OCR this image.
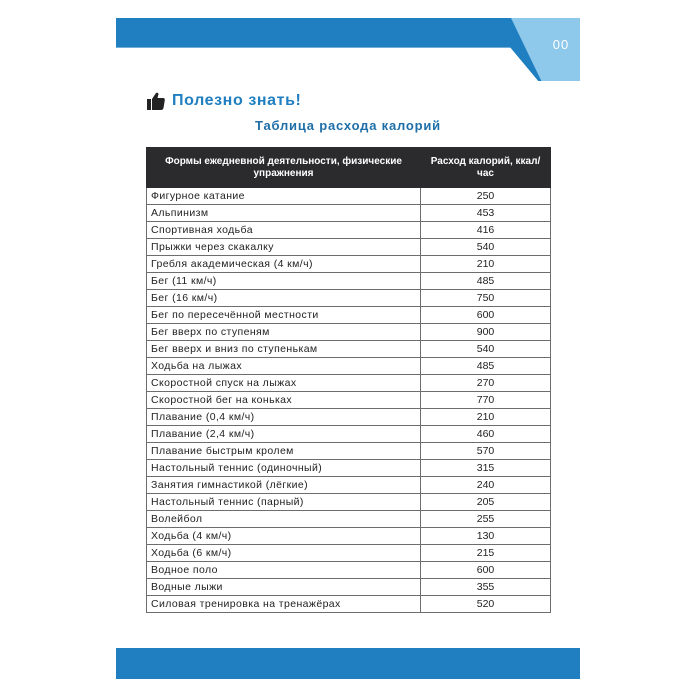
00
Полезно знать!
Таблица расхода калорий
Формы ежедневной деятельности, физические упражнения	Расход калорий, ккал/час
Фигурное катание	250
Альпинизм	453
Спортивная ходьба	416
Прыжки через скакалку	540
Гребля академическая (4 км/ч)	210
Бег (11 км/ч)	485
Бег (16 км/ч)	750
Бег по пересечённой местности	600
Бег вверх по ступеням	900
Бег вверх и вниз по ступенькам	540
Ходьба на лыжах	485
Скоростной спуск на лыжах	270
Скоростной бег на коньках	770
Плавание (0,4 км/ч)	210
Плавание (2,4 км/ч)	460
Плавание быстрым кролем	570
Настольный теннис (одиночный)	315
Занятия гимнастикой (лёгкие)	240
Настольный теннис (парный)	205
Волейбол	255
Ходьба (4 км/ч)	130
Ходьба (6 км/ч)	215
Водное поло	600
Водные лыжи	355
Силовая тренировка на тренажёрах	520
